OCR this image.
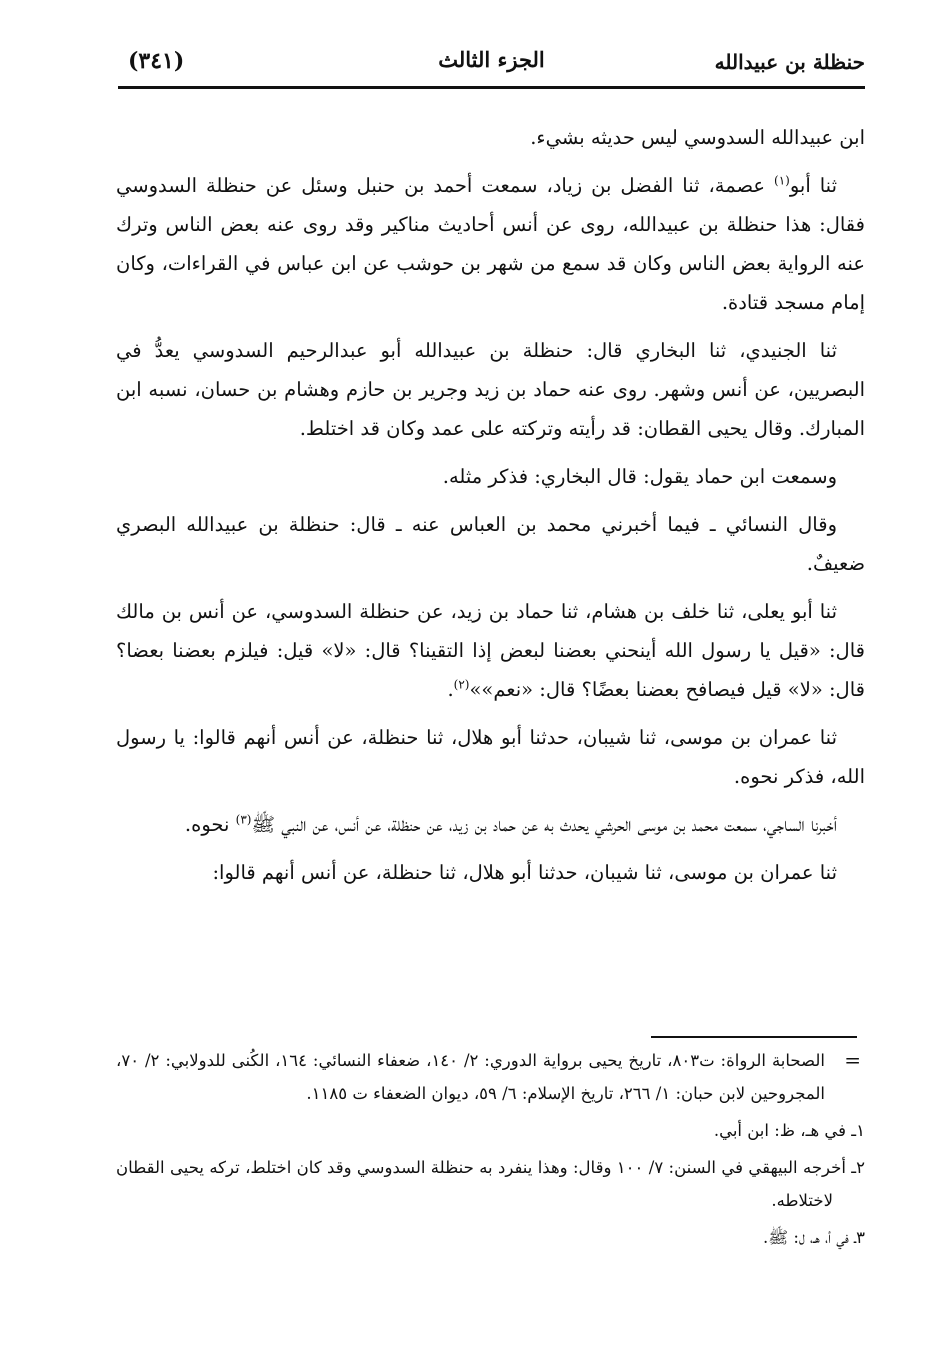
حنظلة بن عبيدالله
الجزء الثالث
(٣٤١)

ابن عبيدالله السدوسي ليس حديثه بشيء.

ثنا أبو$^{(١)}$ عصمة، ثنا الفضل بن زياد، سمعت أحمد بن حنبل وسئل عن حنظلة السدوسي فقال: هذا حنظلة بن عبيدالله، روى عن أنس أحاديث مناكير وقد روى عنه بعض الناس وترك عنه الرواية بعض الناس وكان قد سمع من شهر بن حوشب عن ابن عباس في القراءات، وكان إمام مسجد قتادة.

ثنا الجنيدي، ثنا البخاري قال: حنظلة بن عبيدالله أبو عبدالرحيم السدوسي يعدُّ في البصريين، عن أنس وشهر. روى عنه حماد بن زيد وجرير بن حازم وهشام بن حسان، نسبه ابن المبارك. وقال يحيى القطان: قد رأيته وتركته على عمد وكان قد اختلط.

وسمعت ابن حماد يقول: قال البخاري: فذكر مثله.

وقال النسائي ـ فيما أخبرني محمد بن العباس عنه ـ قال: حنظلة بن عبيدالله البصري ضعيفٌ.

ثنا أبو يعلى، ثنا خلف بن هشام، ثنا حماد بن زيد، عن حنظلة السدوسي، عن أنس بن مالك قال: «قيل يا رسول الله أينحني بعضنا لبعض إذا التقينا؟ قال: «لا» قيل: فيلزم بعضنا بعضا؟ قال: «لا» قيل فيصافح بعضنا بعضًا؟ قال: «نعم»»$^{(٢)}$.

ثنا عمران بن موسى، ثنا شيبان، حدثنا أبو هلال، ثنا حنظلة، عن أنس أنهم قالوا: يا رسول الله، فذكر نحوه.

أخبرنا الساجي، سمعت محمد بن موسى الحرشي يحدث به عن حماد بن زيد، عن حنظلة، عن أنس، عن النبي ﷺ$^{(٣)}$ نحوه.

ثنا عمران بن موسى، ثنا شيبان، حدثنا أبو هلال، ثنا حنظلة، عن أنس أنهم قالوا:

=
الصحابة الرواة: ت٨٠٣، تاريخ يحيى برواية الدوري: ٢/ ١٤٠، ضعفاء النسائي: ١٦٤، الكُنى للدولابي: ٢/ ٧٠، المجروحين لابن حبان: ١/ ٢٦٦، تاريخ الإسلام: ٦/ ٥٩، ديوان الضعفاء ت ١١٨٥.

١ـ في هـ، ظ: ابن أبي.

٢ـ أخرجه البيهقي في السنن: ٧/ ١٠٠ وقال: وهذا ينفرد به حنظلة السدوسي وقد كان اختلط، تركه يحيى القطان لاختلاطه.

٣ـ في أ، هـ، ل: ﷺ.
